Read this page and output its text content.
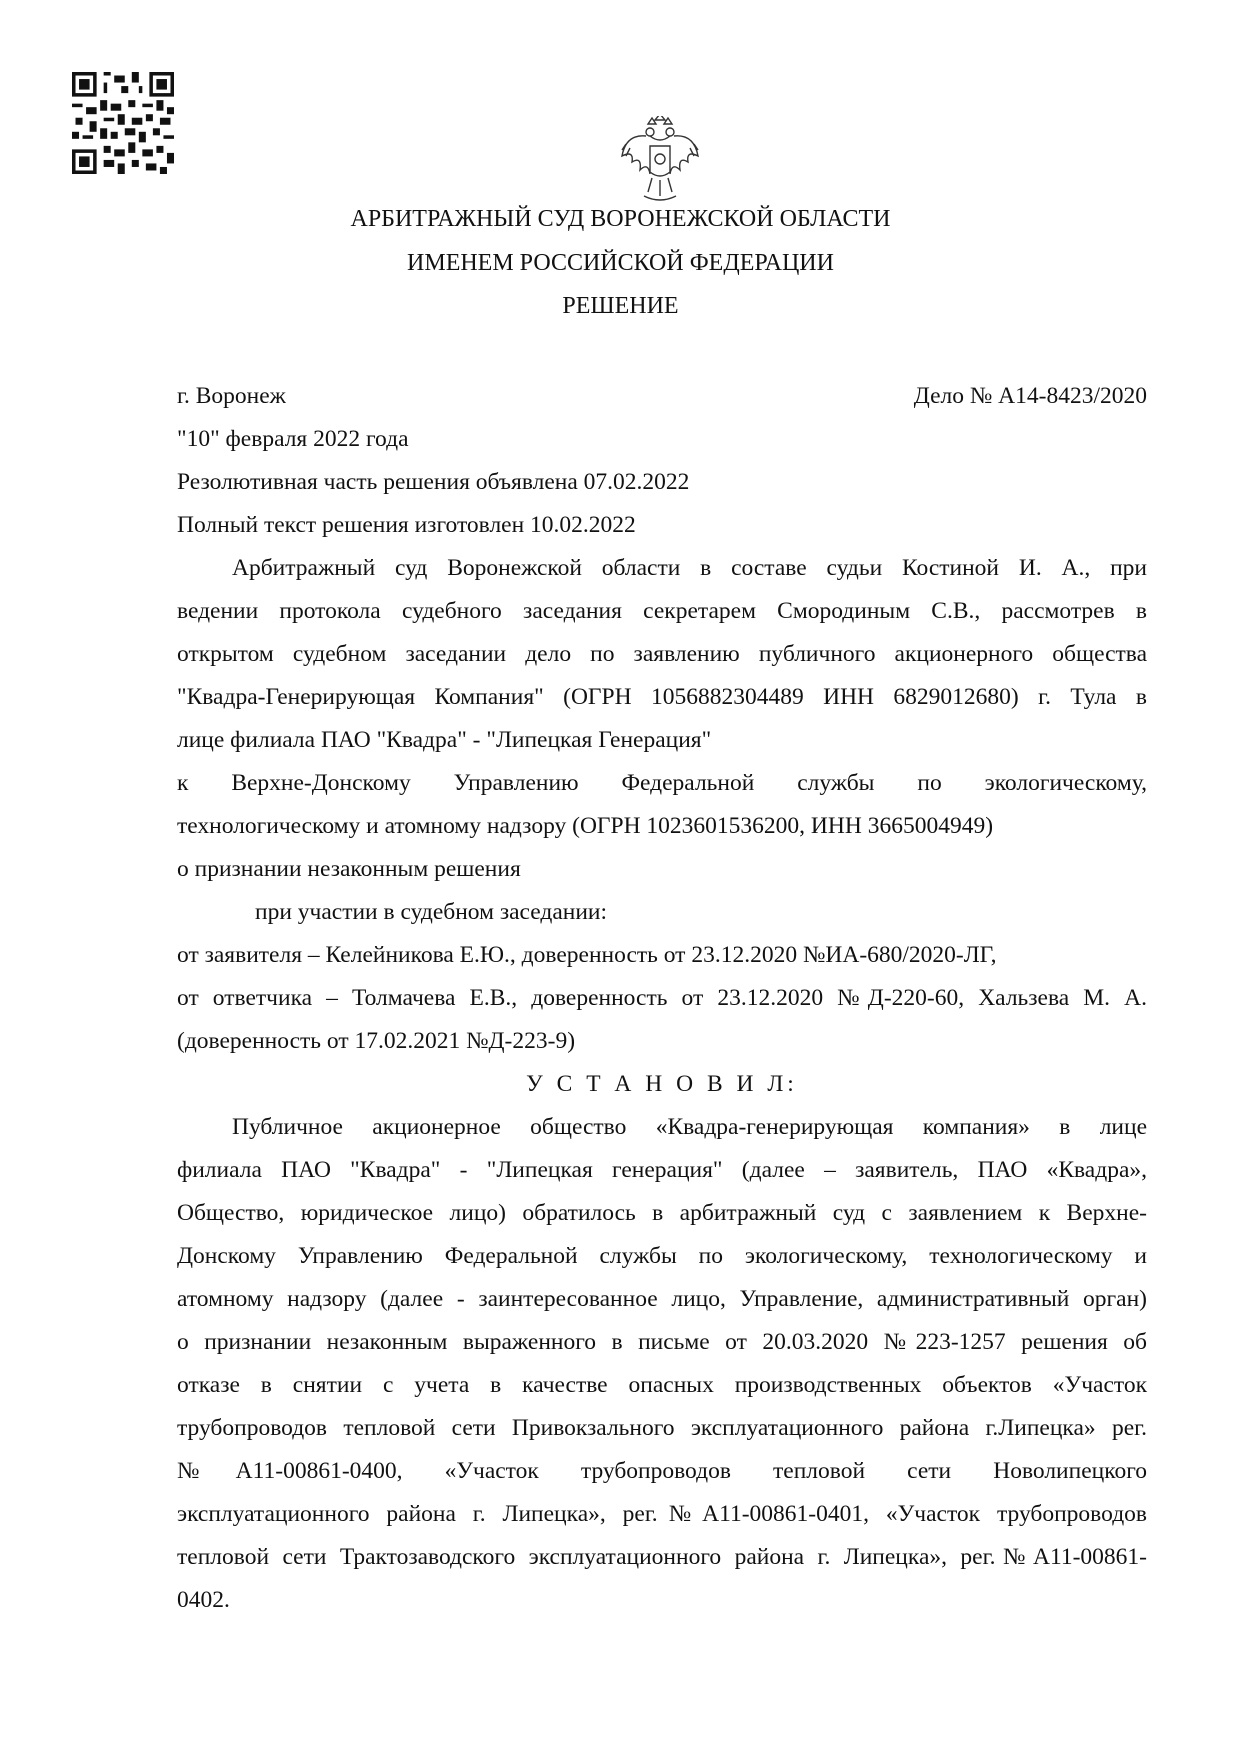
АРБИТРАЖНЫЙ СУД ВОРОНЕЖСКОЙ ОБЛАСТИ
ИМЕНЕМ РОССИЙСКОЙ ФЕДЕРАЦИИ
РЕШЕНИЕ
г. Воронеж	Дело № А14-8423/2020
"10" февраля 2022 года
Резолютивная часть решения объявлена 07.02.2022
Полный текст решения изготовлен 10.02.2022
Арбитражный суд Воронежской области в составе судьи Костиной И. А., при
ведении протокола судебного заседания секретарем Смородиным С.В., рассмотрев в
открытом судебном заседании дело по заявлению публичного акционерного общества
"Квадра-Генерирующая Компания" (ОГРН 1056882304489 ИНН 6829012680) г. Тула в
лице филиала ПАО "Квадра" - "Липецкая Генерация"
к Верхне-Донскому Управлению Федеральной службы по экологическому,
технологическому и атомному надзору (ОГРН 1023601536200, ИНН 3665004949)
о признании незаконным решения
при участии в судебном заседании:
от заявителя – Келейникова Е.Ю., доверенность от 23.12.2020 №ИА-680/2020-ЛГ,
от ответчика – Толмачева Е.В., доверенность от 23.12.2020 №Д-220-60, Хальзева М. А.
(доверенность от 17.02.2021 №Д-223-9)
У С Т А Н О В И Л:
Публичное акционерное общество «Квадра-генерирующая компания» в лице
филиала ПАО "Квадра" - "Липецкая генерация" (далее – заявитель, ПАО «Квадра»,
Общество, юридическое лицо) обратилось в арбитражный суд с заявлением к Верхне-
Донскому Управлению Федеральной службы по экологическому, технологическому и
атомному надзору (далее - заинтересованное лицо, Управление, административный орган)
о признании незаконным выраженного в письме от 20.03.2020 №223-1257 решения об
отказе в снятии с учета в качестве опасных производственных объектов «Участок
трубопроводов тепловой сети Привокзального эксплуатационного района г.Липецка» рег.
№А11-00861-0400, «Участок трубопроводов тепловой сети Новолипецкого
эксплуатационного района г. Липецка», рег.№А11-00861-0401, «Участок трубопроводов
тепловой сети Трактозаводского эксплуатационного района г. Липецка», рег.№А11-00861-
0402.
